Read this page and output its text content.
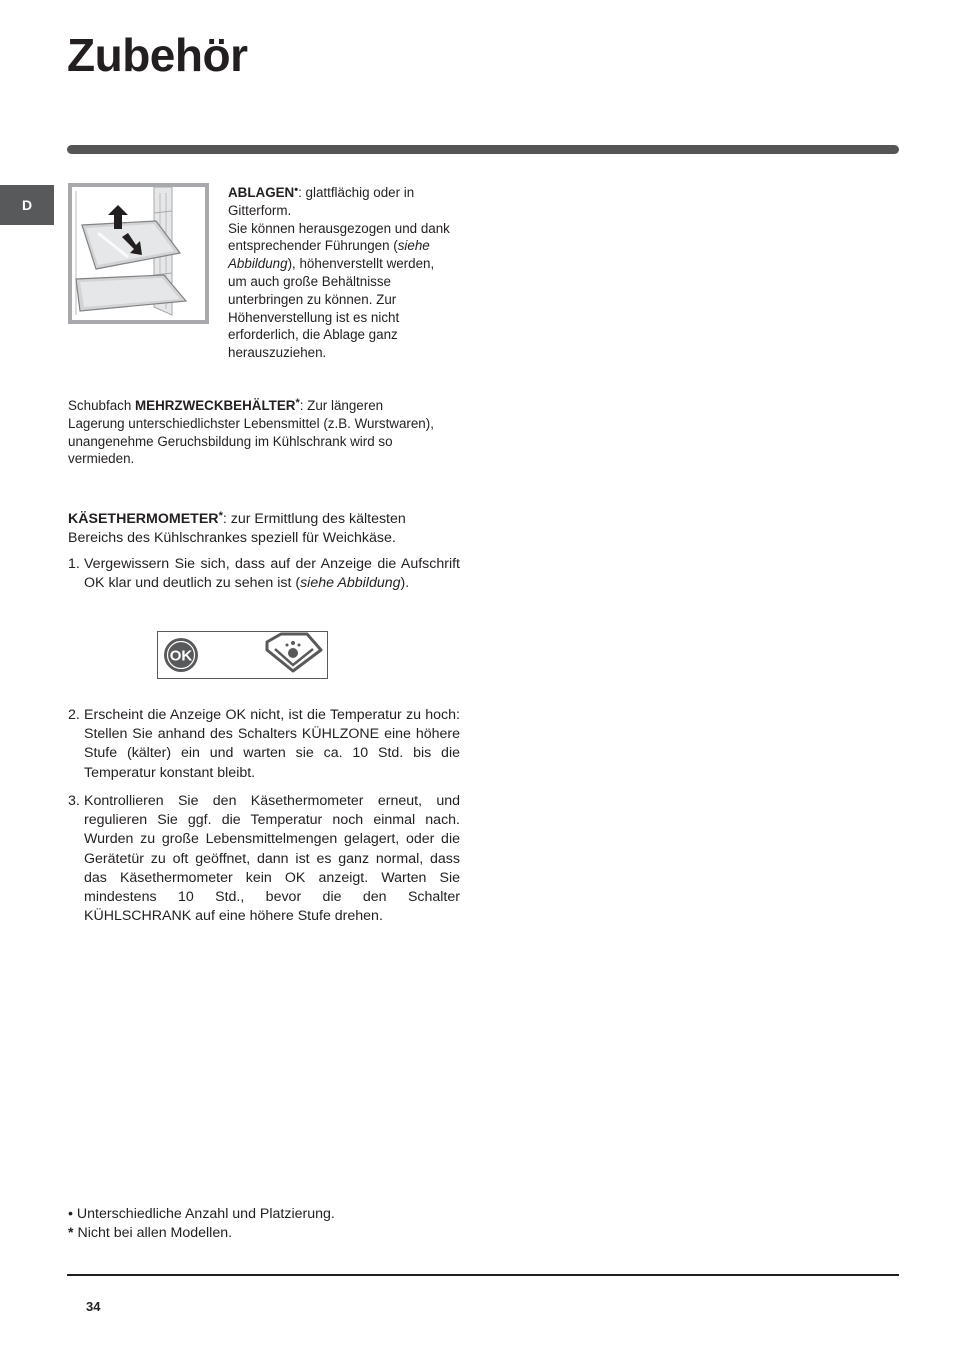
Zubehör
D
ABLAGEN•: glattflächig oder in Gitterform.
Sie können herausgezogen und dank entsprechender Führungen (siehe Abbildung), höhenverstellt werden, um auch große Behältnisse unterbringen zu können. Zur Höhenverstellung ist es nicht erforderlich, die Ablage ganz herauszuziehen.
Schubfach MEHRZWECKBEHÄLTER*: Zur längeren Lagerung unterschiedlichster Lebensmittel (z.B. Wurstwaren), unangenehme Geruchsbildung im Kühlschrank wird so vermieden.
KÄSETHERMOMETER*: zur Ermittlung des kältesten Bereichs des Kühlschrankes speziell für Weichkäse.
1. Vergewissern Sie sich, dass auf der Anzeige die Aufschrift OK klar und deutlich zu sehen ist (siehe Abbildung).
OK
2. Erscheint die Anzeige OK nicht, ist die Temperatur zu hoch: Stellen Sie anhand des Schalters KÜHLZONE eine höhere Stufe (kälter) ein und warten sie ca. 10 Std. bis die Temperatur konstant bleibt.
3. Kontrollieren Sie den Käsethermometer erneut, und regulieren Sie ggf. die Temperatur noch einmal nach. Wurden zu große Lebensmittelmengen gelagert, oder die Gerätetür zu oft geöffnet, dann ist es ganz normal, dass das Käsethermometer kein OK anzeigt. Warten Sie mindestens 10 Std., bevor die den Schalter KÜHLSCHRANK auf eine höhere Stufe drehen.
• Unterschiedliche Anzahl und Platzierung.
* Nicht bei allen Modellen.
34
